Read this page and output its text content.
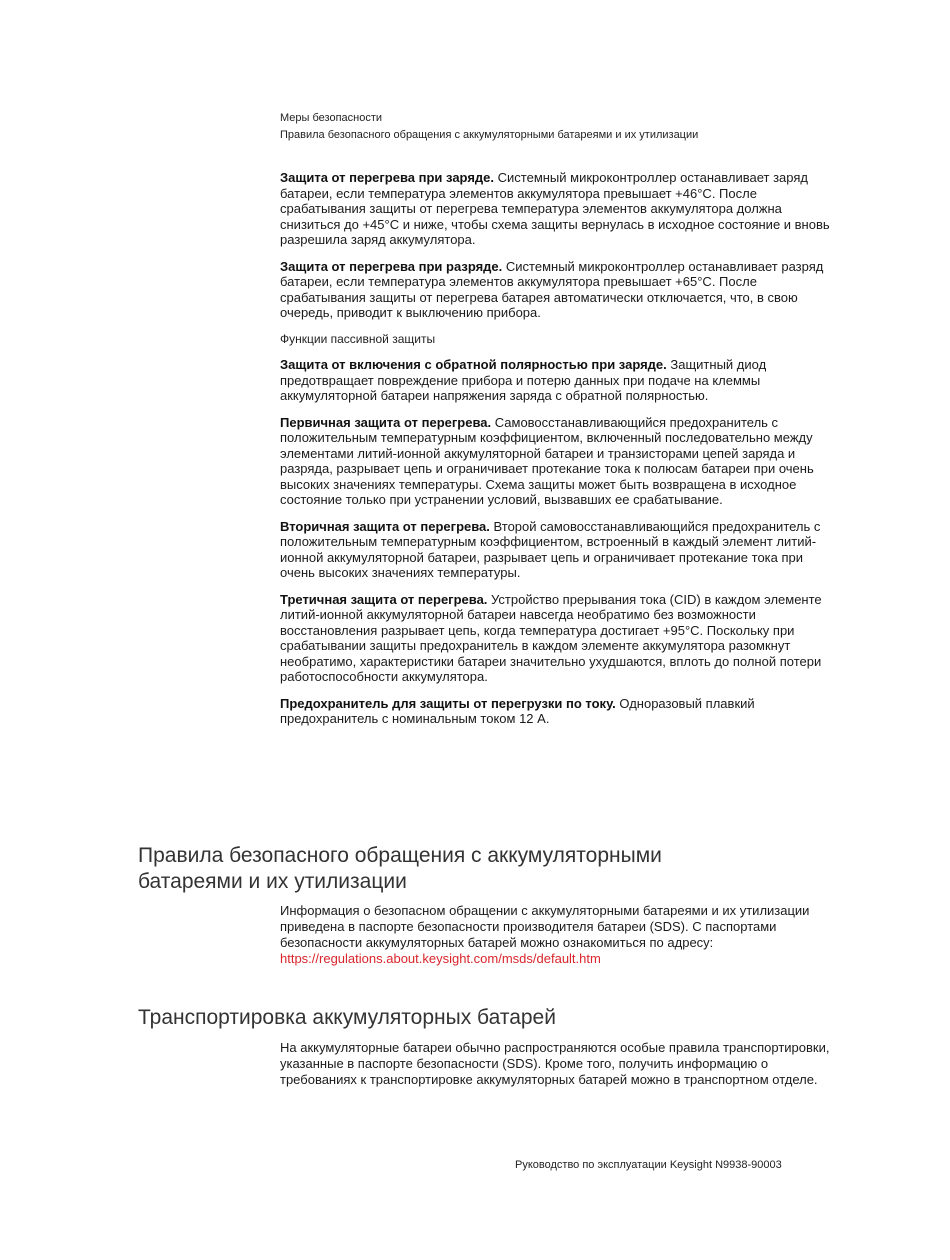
Меры безопасности
Правила безопасного обращения с аккумуляторными батареями и их утилизации

Защита от перегрева при заряде. Системный микроконтроллер останавливает заряд батареи, если температура элементов аккумулятора превышает +46°С. После срабатывания защиты от перегрева температура элементов аккумулятора должна снизиться до +45°С и ниже, чтобы схема защиты вернулась в исходное состояние и вновь разрешила заряд аккумулятора.

Защита от перегрева при разряде. Системный микроконтроллер останавливает разряд батареи, если температура элементов аккумулятора превышает +65°С. После срабатывания защиты от перегрева батарея автоматически отключается, что, в свою очередь, приводит к выключению прибора.

Функции пассивной защиты

Защита от включения с обратной полярностью при заряде. Защитный диод предотвращает повреждение прибора и потерю данных при подаче на клеммы аккумуляторной батареи напряжения заряда с обратной полярностью.

Первичная защита от перегрева. Самовосстанавливающийся предохранитель с положительным температурным коэффициентом, включенный последовательно между элементами литий-ионной аккумуляторной батареи и транзисторами цепей заряда и разряда, разрывает цепь и ограничивает протекание тока к полюсам батареи при очень высоких значениях температуры. Схема защиты может быть возвращена в исходное состояние только при устранении условий, вызвавших ее срабатывание.

Вторичная защита от перегрева. Второй самовосстанавливающийся предохранитель с положительным температурным коэффициентом, встроенный в каждый элемент литий-ионной аккумуляторной батареи, разрывает цепь и ограничивает протекание тока при очень высоких значениях температуры.

Третичная защита от перегрева. Устройство прерывания тока (CID) в каждом элементе литий-ионной аккумуляторной батареи навсегда необратимо без возможности восстановления разрывает цепь, когда температура достигает +95°С. Поскольку при срабатывании защиты предохранитель в каждом элементе аккумулятора разомкнут необратимо, характеристики батареи значительно ухудшаются, вплоть до полной потери работоспособности аккумулятора.

Предохранитель для защиты от перегрузки по току. Одноразовый плавкий предохранитель с номинальным током 12 А.

Правила безопасного обращения с аккумуляторными
батареями и их утилизации
Информация о безопасном обращении с аккумуляторными батареями и их утилизации приведена в паспорте безопасности производителя батареи (SDS). С паспортами безопасности аккумуляторных батарей можно ознакомиться по адресу: https://regulations.about.keysight.com/msds/default.htm
Транспортировка аккумуляторных батарей
На аккумуляторные батареи обычно распространяются особые правила транспортировки, указанные в паспорте безопасности (SDS). Кроме того, получить информацию о требованиях к транспортировке аккумуляторных батарей можно в транспортном отделе.
Руководство по эксплуатации Keysight N9938-90003
